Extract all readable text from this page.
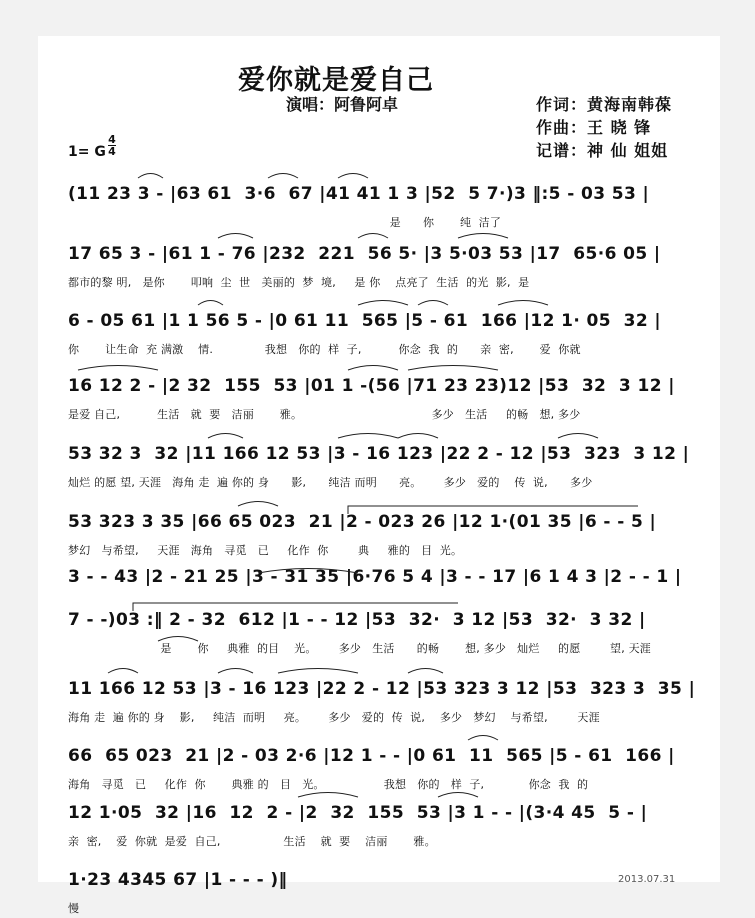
爱你就是爱自己
演唱：阿鲁阿卓	作词：黄海南韩葆
作曲：王 晓 锋
记谱：神 仙 姐姐
1= G
4
4
(11 23 3 - |63 61  3·6  67 |41 41 1 3 |52  5 7·)3 ‖:5 - 03 53 |
是      你       纯  洁了
17 65 3 - |61 1 - 76 |232  221  56 5· |3 5·03 53 |17  65·6 05 |
都市的黎 明,   是你       叩响  尘  世   美丽的  梦  境,     是 你    点亮了  生活  的光  影,  是
6 - 05 61 |1 1 56 5 - |0 61 11  565 |5 - 61  166 |12 1· 05  32 |
你       让生命  充 满激    情.              我想   你的  样  子,          你念  我  的      亲  密,       爱  你就
16 12 2 - |2 32  155  53 |01 1 -(56 |71 23 23)12 |53  32  3 12 |
是爱 自己,          生活   就  要   洁丽       雅。                                   多少   生活     的畅   想, 多少
53 32 3  32 |11 166 12 53 |3 - 16 123 |22 2 - 12 |53  323  3 12 |
灿烂 的愿 望, 天涯   海角 走  遍 你的 身      影,      纯洁 而明      亮。      多少   爱的    传  说,      多少
53 323 3 35 |66 65 023  21 |2 - 023 26 |12 1·(01 35 |6 - - 5 |
梦幻   与希望,     天涯   海角   寻觅   已     化作  你        典     雅的   目  光。
3 - - 43 |2 - 21 25 |3 - 31 35 |6·76 5 4 |3 - - 17 |6 1 4 3 |2 - - 1 |
7 - -)03 :‖ 2 - 32  612 |1 - - 12 |53  32·  3 12 |53  32·  3 32 |
是       你     典雅  的目    光。      多少   生活      的畅       想, 多少   灿烂     的愿        望, 天涯
11 166 12 53 |3 - 16 123 |22 2 - 12 |53 323 3 12 |53  323 3  35 |
海角 走  遍 你的 身    影,     纯洁  而明     亮。      多少   爱的  传  说,    多少   梦幻    与希望,        天涯
66  65 023  21 |2 - 03 2·6 |12 1 - - |0 61  11  565 |5 - 61  166 |
海角   寻觅   已     化作  你       典雅 的   目   光。                我想   你的   样  子,            你念  我  的
12 1·05  32 |16  12  2 - |2  32  155  53 |3 1 - - |(3·4 45  5 - |
亲  密,    爱  你就  是爱  自己,                 生活    就  要    洁丽       雅。
1·23 4345 67 |1 - - - )‖
慢
2013.07.31
